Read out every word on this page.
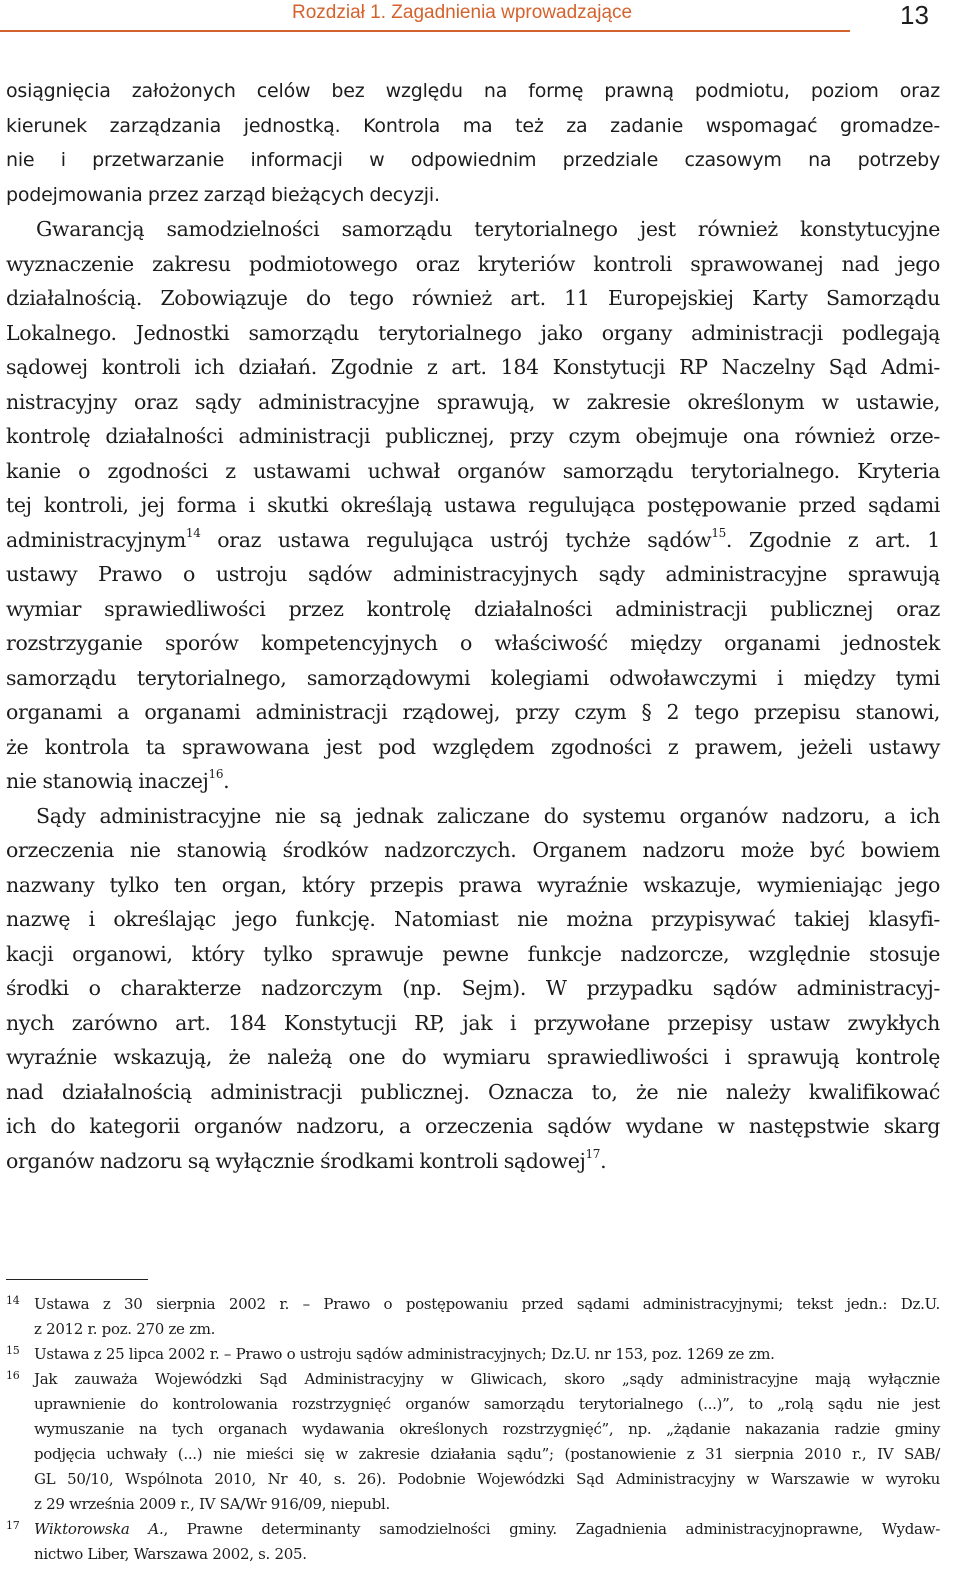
Rozdział 1. Zagadnienia wprowadzające	13
osiągnięcia założonych celów bez względu na formę prawną podmiotu, poziom oraz
kierunek zarządzania jednostką. Kontrola ma też za zadanie wspomagać gromadze-
nie i przetwarzanie informacji w odpowiednim przedziale czasowym na potrzeby
podejmowania przez zarząd bieżących decyzji.
Gwarancją samodzielności samorządu terytorialnego jest również konstytucyjne
wyznaczenie zakresu podmiotowego oraz kryteriów kontroli sprawowanej nad jego
działalnością. Zobowiązuje do tego również art. 11 Europejskiej Karty Samorządu
Lokalnego. Jednostki samorządu terytorialnego jako organy administracji podlegają
sądowej kontroli ich działań. Zgodnie z art. 184 Konstytucji RP Naczelny Sąd Admi-
nistracyjny oraz sądy administracyjne sprawują, w zakresie określonym w ustawie,
kontrolę działalności administracji publicznej, przy czym obejmuje ona również orze-
kanie o zgodności z ustawami uchwał organów samorządu terytorialnego. Kryteria
tej kontroli, jej forma i skutki określają ustawa regulująca postępowanie przed sądami
administracyjnym$^{14}$ oraz ustawa regulująca ustrój tychże sądów$^{15}$. Zgodnie z art. 1
ustawy Prawo o ustroju sądów administracyjnych sądy administracyjne sprawują
wymiar sprawiedliwości przez kontrolę działalności administracji publicznej oraz
rozstrzyganie sporów kompetencyjnych o właściwość między organami jednostek
samorządu terytorialnego, samorządowymi kolegiami odwoławczymi i między tymi
organami a organami administracji rządowej, przy czym § 2 tego przepisu stanowi,
że kontrola ta sprawowana jest pod względem zgodności z prawem, jeżeli ustawy
nie stanowią inaczej$^{16}$.
Sądy administracyjne nie są jednak zaliczane do systemu organów nadzoru, a ich
orzeczenia nie stanowią środków nadzorczych. Organem nadzoru może być bowiem
nazwany tylko ten organ, który przepis prawa wyraźnie wskazuje, wymieniając jego
nazwę i określając jego funkcję. Natomiast nie można przypisywać takiej klasyfi-
kacji organowi, który tylko sprawuje pewne funkcje nadzorcze, względnie stosuje
środki o charakterze nadzorczym (np. Sejm). W przypadku sądów administracyj-
nych zarówno art. 184 Konstytucji RP, jak i przywołane przepisy ustaw zwykłych
wyraźnie wskazują, że należą one do wymiaru sprawiedliwości i sprawują kontrolę
nad działalnością administracji publicznej. Oznacza to, że nie należy kwalifikować
ich do kategorii organów nadzoru, a orzeczenia sądów wydane w następstwie skarg
organów nadzoru są wyłącznie środkami kontroli sądowej$^{17}$.
14 Ustawa z 30 sierpnia 2002 r. – Prawo o postępowaniu przed sądami administracyjnymi; tekst jedn.: Dz.U.
z 2012 r. poz. 270 ze zm.
15 Ustawa z 25 lipca 2002 r. – Prawo o ustroju sądów administracyjnych; Dz.U. nr 153, poz. 1269 ze zm.
16 Jak zauważa Wojewódzki Sąd Administracyjny w Gliwicach, skoro „sądy administracyjne mają wyłącznie
uprawnienie do kontrolowania rozstrzygnięć organów samorządu terytorialnego (...)”, to „rolą sądu nie jest
wymuszanie na tych organach wydawania określonych rozstrzygnięć”, np. „żądanie nakazania radzie gminy
podjęcia uchwały (...) nie mieści się w zakresie działania sądu”; (postanowienie z 31 sierpnia 2010 r., IV SAB/
GL 50/10, Wspólnota 2010, Nr 40, s. 26). Podobnie Wojewódzki Sąd Administracyjny w Warszawie w wyroku
z 29 września 2009 r., IV SA/Wr 916/09, niepubl.
17 Wiktorowska A., Prawne determinanty samodzielności gminy. Zagadnienia administracyjnoprawne, Wydaw-
nictwo Liber, Warszawa 2002, s. 205.
